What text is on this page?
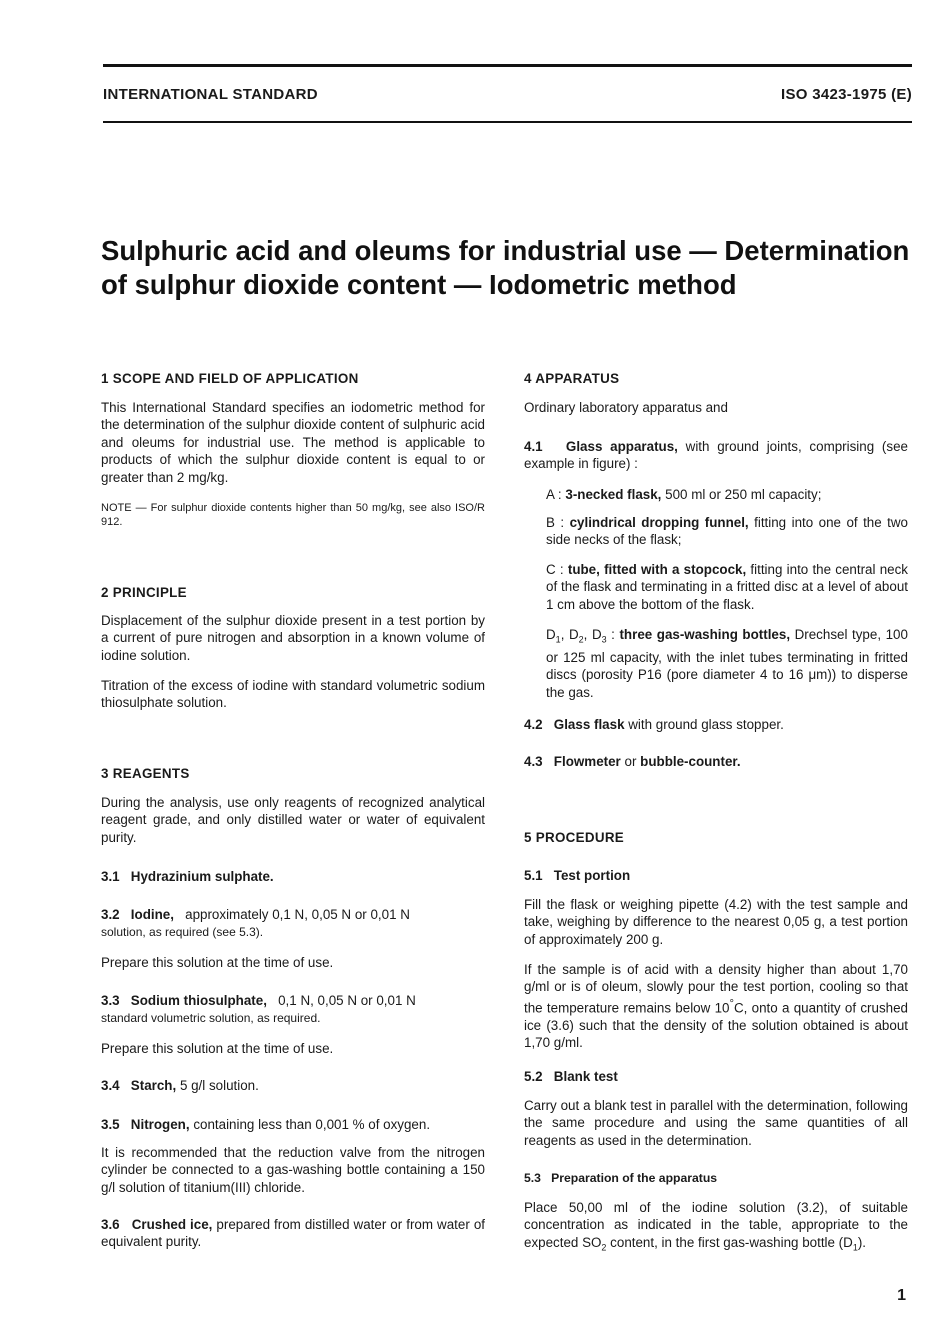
INTERNATIONAL STANDARD	ISO 3423-1975 (E)
Sulphuric acid and oleums for industrial use — Determination
of sulphur dioxide content — Iodometric method
1 SCOPE AND FIELD OF APPLICATION

This International Standard specifies an iodometric method for the determination of the sulphur dioxide content of sulphuric acid and oleums for industrial use. The method is applicable to products of which the sulphur dioxide content is equal to or greater than 2 mg/kg.

NOTE — For sulphur dioxide contents higher than 50 mg/kg, see also ISO/R 912.

2 PRINCIPLE

Displacement of the sulphur dioxide present in a test portion by a current of pure nitrogen and absorption in a known volume of iodine solution.

Titration of the excess of iodine with standard volumetric sodium thiosulphate solution.

3 REAGENTS

During the analysis, use only reagents of recognized analytical reagent grade, and only distilled water or water of equivalent purity.

3.1 Hydrazinium sulphate.

3.2 Iodine, approximately 0,1 N, 0,05 N or 0,01 N
solution, as required (see 5.3).

Prepare this solution at the time of use.

3.3 Sodium thiosulphate, 0,1 N, 0,05 N or 0,01 N
standard volumetric solution, as required.

Prepare this solution at the time of use.

3.4 Starch, 5 g/l solution.

3.5 Nitrogen, containing less than 0,001 % of oxygen.

It is recommended that the reduction valve from the nitrogen cylinder be connected to a gas-washing bottle containing a 150 g/l solution of titanium(III) chloride.

3.6 Crushed ice, prepared from distilled water or from water of equivalent purity.

4 APPARATUS

Ordinary laboratory apparatus and

4.1 Glass apparatus, with ground joints, comprising (see example in figure) :

A : 3-necked flask, 500 ml or 250 ml capacity;

B : cylindrical dropping funnel, fitting into one of the two side necks of the flask;

C : tube, fitted with a stopcock, fitting into the central neck of the flask and terminating in a fritted disc at a level of about 1 cm above the bottom of the flask.

$D_1$, $D_2$, $D_3$ : three gas-washing bottles, Drechsel type, 100 or 125 ml capacity, with the inlet tubes terminating in fritted discs (porosity P16 (pore diameter 4 to 16 μm)) to disperse the gas.

4.2 Glass flask with ground glass stopper.

4.3 Flowmeter or bubble-counter.

5 PROCEDURE

5.1 Test portion

Fill the flask or weighing pipette (4.2) with the test sample and take, weighing by difference to the nearest 0,05 g, a test portion of approximately 200 g.

If the sample is of acid with a density higher than about 1,70 g/ml or is of oleum, slowly pour the test portion, cooling so that the temperature remains below 10°C, onto a quantity of crushed ice (3.6) such that the density of the solution obtained is about 1,70 g/ml.

5.2 Blank test

Carry out a blank test in parallel with the determination, following the same procedure and using the same quantities of all reagents as used in the determination.

5.3 Preparation of the apparatus

Place 50,00 ml of the iodine solution (3.2), of suitable concentration as indicated in the table, appropriate to the expected $SO_2$ content, in the first gas-washing bottle $(D_1)$.

1
